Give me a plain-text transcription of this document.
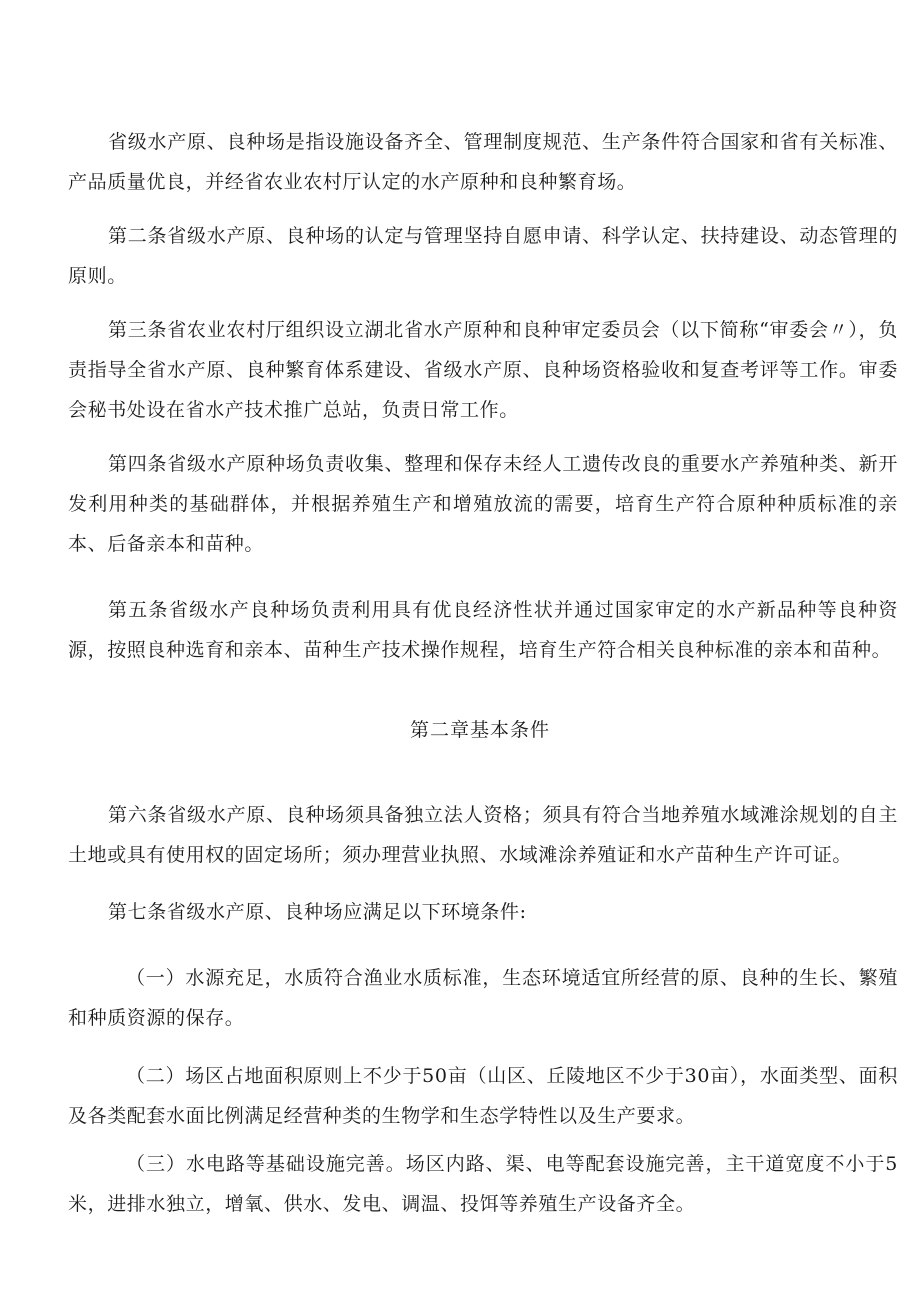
省级水产原、良种场是指设施设备齐全、管理制度规范、生产条件符合国家和省有关标准、产品质量优良，并经省农业农村厅认定的水产原种和良种繁育场。

第二条省级水产原、良种场的认定与管理坚持自愿申请、科学认定、扶持建设、动态管理的原则。

第三条省农业农村厅组织设立湖北省水产原种和良种审定委员会（以下简称“审委会〃），负责指导全省水产原、良种繁育体系建设、省级水产原、良种场资格验收和复查考评等工作。审委会秘书处设在省水产技术推广总站，负责日常工作。

第四条省级水产原种场负责收集、整理和保存未经人工遗传改良的重要水产养殖种类、新开发利用种类的基础群体，并根据养殖生产和增殖放流的需要，培育生产符合原种种质标准的亲本、后备亲本和苗种。

第五条省级水产良种场负责利用具有优良经济性状并通过国家审定的水产新品种等良种资源，按照良种选育和亲本、苗种生产技术操作规程，培育生产符合相关良种标准的亲本和苗种。

第二章基本条件

第六条省级水产原、良种场须具备独立法人资格；须具有符合当地养殖水域滩涂规划的自主土地或具有使用权的固定场所；须办理营业执照、水域滩涂养殖证和水产苗种生产许可证。

第七条省级水产原、良种场应满足以下环境条件:

（一）水源充足，水质符合渔业水质标准，生态环境适宜所经营的原、良种的生长、繁殖和种质资源的保存。

（二）场区占地面积原则上不少于50亩（山区、丘陵地区不少于30亩），水面类型、面积及各类配套水面比例满足经营种类的生物学和生态学特性以及生产要求。

（三）水电路等基础设施完善。场区内路、渠、电等配套设施完善，主干道宽度不小于5米，进排水独立，增氧、供水、发电、调温、投饵等养殖生产设备齐全。
